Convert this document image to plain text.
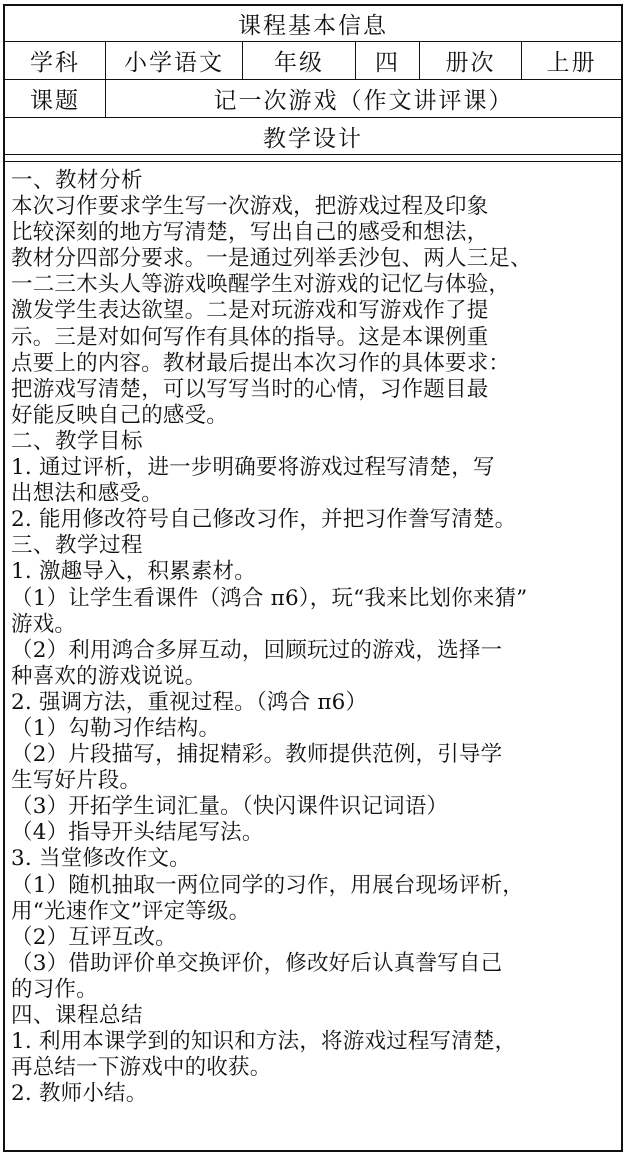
课程基本信息
学科	小学语文	年级	四	册次	上册
课题	记一次游戏（作文讲评课）
教学设计

一、教材分析

本次习作要求学生写一次游戏，把游戏过程及印象

比较深刻的地方写清楚，写出自己的感受和想法，

教材分四部分要求。一是通过列举丢沙包、两人三足、

一二三木头人等游戏唤醒学生对游戏的记忆与体验，

激发学生表达欲望。二是对玩游戏和写游戏作了提

示。三是对如何写作有具体的指导。这是本课例重

点要上的内容。教材最后提出本次习作的具体要求：

把游戏写清楚，可以写写当时的心情，习作题目最

好能反映自己的感受。

二、教学目标

1. 通过评析，进一步明确要将游戏过程写清楚，写

出想法和感受。

2. 能用修改符号自己修改习作，并把习作誊写清楚。

三、教学过程

1. 激趣导入，积累素材。

（1）让学生看课件（鸿合 π6），玩“我来比划你来猜”

游戏。

（2）利用鸿合多屏互动，回顾玩过的游戏，选择一

种喜欢的游戏说说。

2. 强调方法，重视过程。（鸿合 π6）

（1）勾勒习作结构。

（2）片段描写，捕捉精彩。教师提供范例，引导学

生写好片段。

（3）开拓学生词汇量。（快闪课件识记词语）

（4）指导开头结尾写法。

3. 当堂修改作文。

（1）随机抽取一两位同学的习作，用展台现场评析，

用“光速作文”评定等级。

（2）互评互改。

（3）借助评价单交换评价，修改好后认真誊写自己

的习作。

四、课程总结

1. 利用本课学到的知识和方法，将游戏过程写清楚，

再总结一下游戏中的收获。

2. 教师小结。
